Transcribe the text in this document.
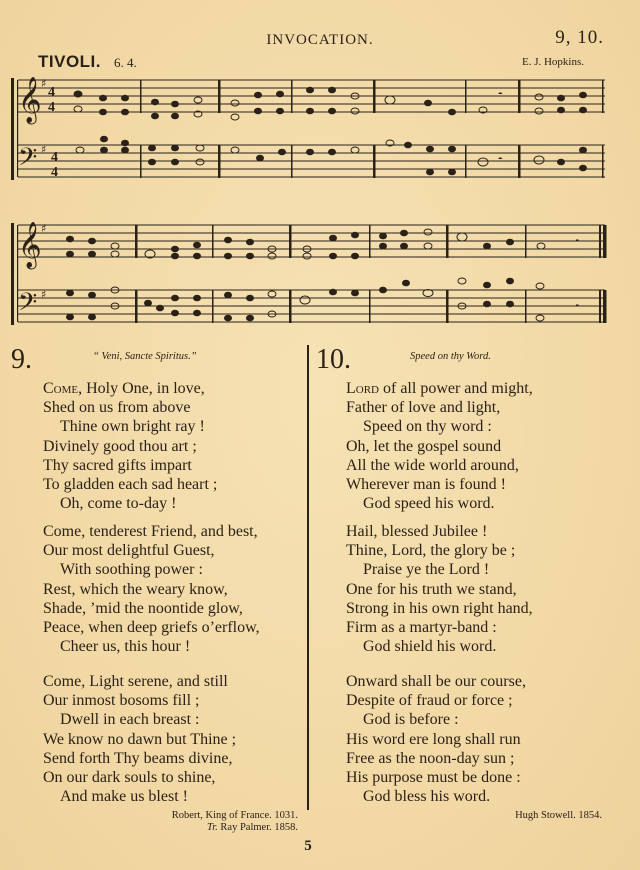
INVOCATION.	9, 10.
TIVOLI. 6. 4.	E. J. Hopkins.
𝄞
𝄢
𝄞
𝄢
♯
♯
♯
♯
4
4
4
4
𝄼
𝄼
𝄼
𝄼
9.	“ Veni, Sancte Spiritus.”
Come, Holy One, in love,
Shed on us from above
Thine own bright ray !
Divinely good thou art ;
Thy sacred gifts impart
To gladden each sad heart ;
Oh, come to-day !
Come, tenderest Friend, and best,
Our most delightful Guest,
With soothing power :
Rest, which the weary know,
Shade, ’mid the noontide glow,
Peace, when deep griefs o’erflow,
Cheer us, this hour !
Come, Light serene, and still
Our inmost bosoms fill ;
Dwell in each breast :
We know no dawn but Thine ;
Send forth Thy beams divine,
On our dark souls to shine,
And make us blest !
Robert, King of France. 1031.
Tr. Ray Palmer. 1858.
10.	Speed on thy Word.
Lord of all power and might,
Father of love and light,
Speed on thy word :
Oh, let the gospel sound
All the wide world around,
Wherever man is found !
God speed his word.
Hail, blessed Jubilee !
Thine, Lord, the glory be ;
Praise ye the Lord !
One for his truth we stand,
Strong in his own right hand,
Firm as a martyr-band :
God shield his word.
Onward shall be our course,
Despite of fraud or force ;
God is before :
His word ere long shall run
Free as the noon-day sun ;
His purpose must be done :
God bless his word.
Hugh Stowell. 1854.
5
